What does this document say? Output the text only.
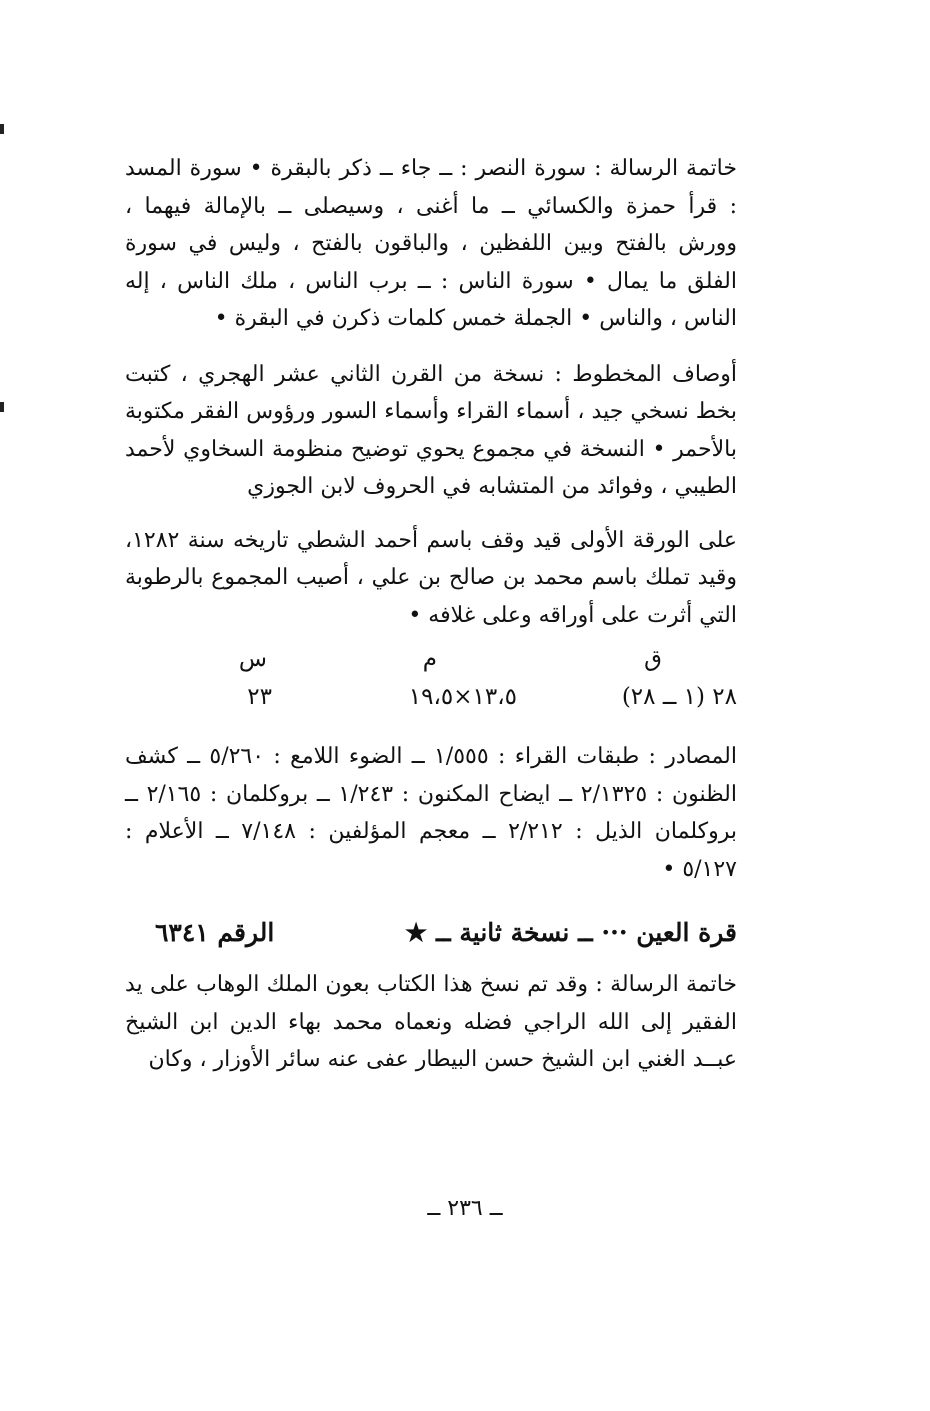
خاتمة الرسالة : سورة النصر : ــ جاء ــ ذكر بالبقرة • سورة المسد : قرأ حمزة والكسائي ــ ما أغنى ، وسيصلى ــ بالإمالة فيهما ، وورش بالفتح وبين اللفظين ، والباقون بالفتح ، وليس في سورة الفلق ما يمال • سورة الناس : ــ برب الناس ، ملك الناس ، إله الناس ، والناس • الجملة خمس كلمات ذكرن في البقرة •

أوصاف المخطوط : نسخة من القرن الثاني عشر الهجري ، كتبت بخط نسخي جيد ، أسماء القراء وأسماء السور ورؤوس الفقر مكتوبة بالأحمر • النسخة في مجموع يحوي توضيح منظومة السخاوي لأحمد الطيبي ، وفوائد من المتشابه في الحروف لابن الجوزي

على الورقة الأولى قيد وقف باسم أحمد الشطي تاريخه سنة ١٢٨٢، وقيد تملك باسم محمد بن صالح بن علي ، أصيب المجموع بالرطوبة التي أثرت على أوراقه وعلى غلافه •

ق
م
س
٢٨ (١ ــ ٢٨)
١٣،٥×١٩،٥
٢٣

المصادر : طبقات القراء : ١/٥٥٥ ــ الضوء اللامع : ٥/٢٦٠ ــ كشف الظنون : ٢/١٣٢٥ ــ ايضاح المكنون : ١/٢٤٣ ــ بروكلمان : ٢/١٦٥ ــ بروكلمان الذيل : ٢/٢١٢ ــ معجم المؤلفين : ٧/١٤٨ ــ الأعلام : ٥/١٢٧ •

قرة العين ··· ــ نسخة ثانية ــ ★
الرقم ٦٣٤١

خاتمة الرسالة : وقد تم نسخ هذا الكتاب بعون الملك الوهاب على يد الفقير إلى الله الراجي فضله ونعماه محمد بهاء الدين ابن الشيخ عبــد الغني ابن الشيخ حسن البيطار عفى عنه سائر الأوزار ، وكان

ــ ٢٣٦ ــ
